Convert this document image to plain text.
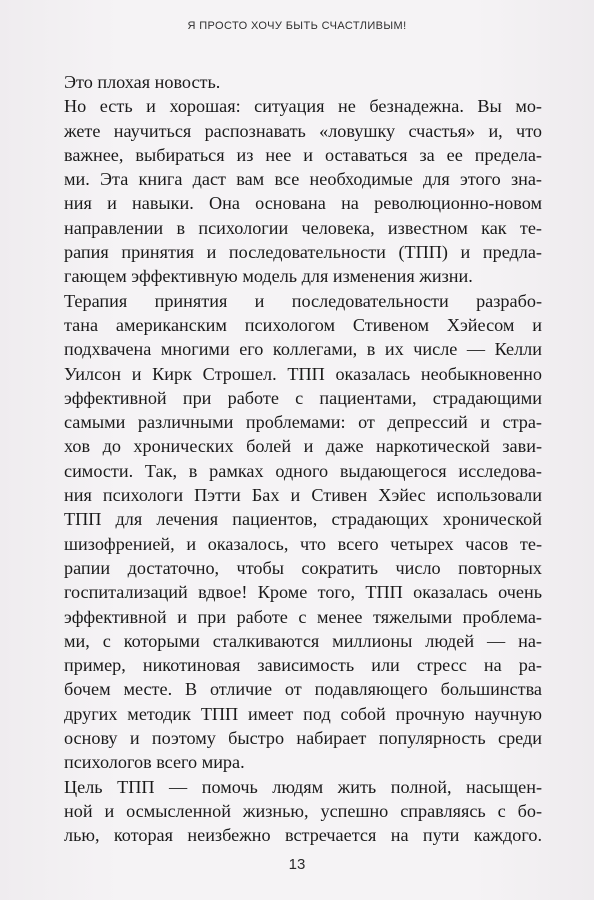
Я ПРОСТО ХОЧУ БЫТЬ СЧАСТЛИВЫМ!
Это плохая новость.
Но есть и хорошая: ситуация не безнадежна. Вы мо-
жете научиться распознавать «ловушку счастья» и, что
важнее, выбираться из нее и оставаться за ее предела-
ми. Эта книга даст вам все необходимые для этого зна-
ния и навыки. Она основана на революционно-новом
направлении в психологии человека, известном как те-
рапия принятия и последовательности (ТПП) и предла-
гающем эффективную модель для изменения жизни.
Терапия принятия и последовательности разрабо-
тана американским психологом Стивеном Хэйесом и
подхвачена многими его коллегами, в их числе — Келли
Уилсон и Кирк Строшел. ТПП оказалась необыкновенно
эффективной при работе с пациентами, страдающими
самыми различными проблемами: от депрессий и стра-
хов до хронических болей и даже наркотической зави-
симости. Так, в рамках одного выдающегося исследова-
ния психологи Пэтти Бах и Стивен Хэйес использовали
ТПП для лечения пациентов, страдающих хронической
шизофренией, и оказалось, что всего четырех часов те-
рапии достаточно, чтобы сократить число повторных
госпитализаций вдвое! Кроме того, ТПП оказалась очень
эффективной и при работе с менее тяжелыми проблема-
ми, с которыми сталкиваются миллионы людей — на-
пример, никотиновая зависимость или стресс на ра-
бочем месте. В отличие от подавляющего большинства
других методик ТПП имеет под собой прочную научную
основу и поэтому быстро набирает популярность среди
психологов всего мира.
Цель ТПП — помочь людям жить полной, насыщен-
ной и осмысленной жизнью, успешно справляясь с бо-
лью, которая неизбежно встречается на пути каждого.
13
